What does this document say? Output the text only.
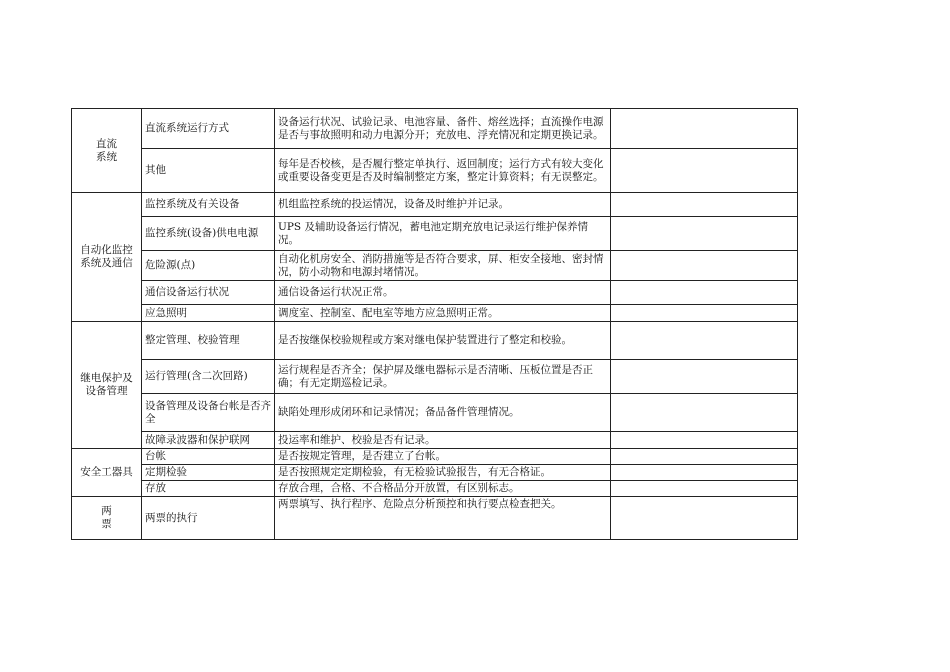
直流
系统	直流系统运行方式	设备运行状况、试验记录、电池容量、备件、熔丝选择；直流操作电源是否与事故照明和动力电源分开；充放电、浮充情况和定期更换记录。	
	其他	每年是否校核，是否履行整定单执行、返回制度；运行方式有较大变化或重要设备变更是否及时编制整定方案，整定计算资料；有无误整定。	
自动化监控系统及通信	监控系统及有关设备	机组监控系统的投运情况，设备及时维护并记录。	
	监控系统(设备)供电电源	UPS 及辅助设备运行情况，蓄电池定期充放电记录运行维护保养情况。	
	危险源(点)	自动化机房安全、消防措施等是否符合要求，屏、柜安全接地、密封情况，防小动物和电源封堵情况。	
	通信设备运行状况	通信设备运行状况正常。	
	应急照明	调度室、控制室、配电室等地方应急照明正常。	
继电保护及设备管理	整定管理、校验管理	是否按继保校验规程或方案对继电保护装置进行了整定和校验。	
	运行管理(含二次回路)	运行规程是否齐全；保护屏及继电器标示是否清晰、压板位置是否正确；有无定期巡检记录。	
	设备管理及设备台帐是否齐全	缺陷处理形成闭环和记录情况；备品备件管理情况。	
	故障录波器和保护联网	投运率和维护、校验是否有记录。	
安全工器具	台帐	是否按规定管理，是否建立了台帐。	
	定期检验	是否按照规定定期检验，有无检验试验报告，有无合格证。	
	存放	存放合理，合格、不合格品分开放置，有区别标志。	
两
票	两票的执行	两票填写、执行程序、危险点分析预控和执行要点检查把关。	
